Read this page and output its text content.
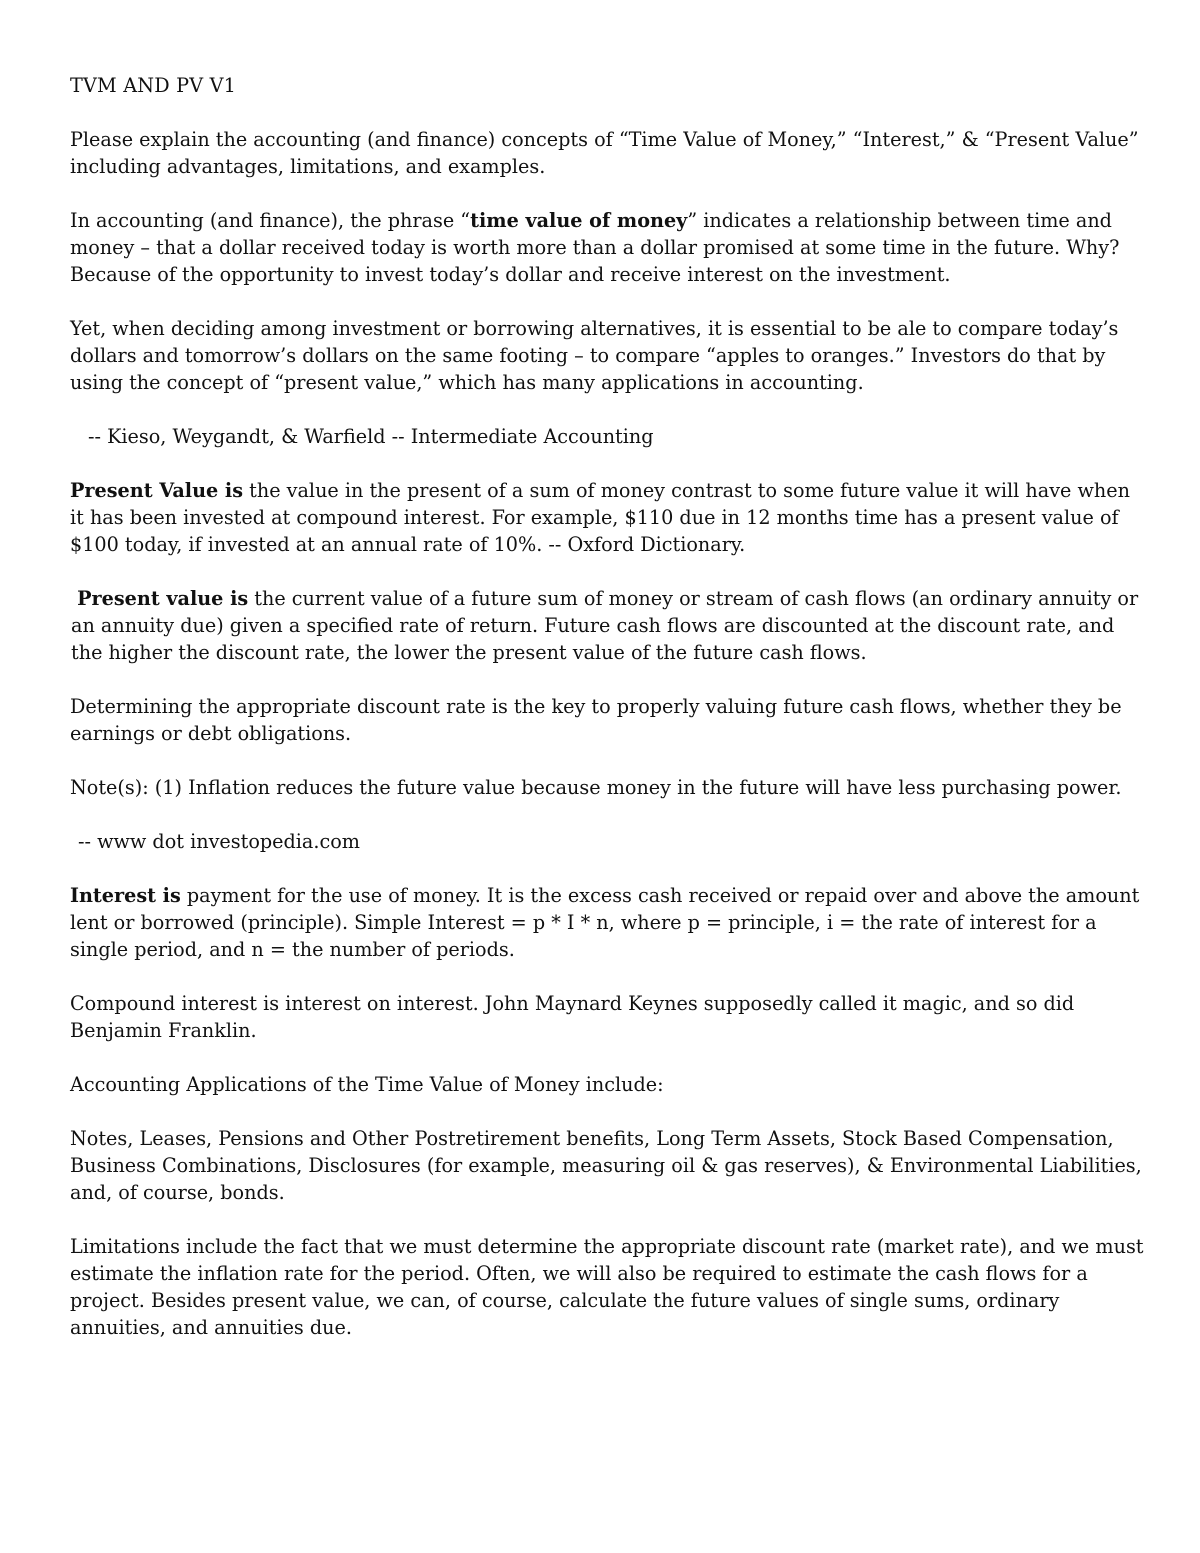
TVM AND PV V1

Please explain the accounting (and finance) concepts of “Time Value of Money,” “Interest,” & “Present Value” including advantages, limitations, and examples.

In accounting (and finance), the phrase “time value of money” indicates a relationship between time and money – that a dollar received today is worth more than a dollar promised at some time in the future. Why? Because of the opportunity to invest today’s dollar and receive interest on the investment.

Yet, when deciding among investment or borrowing alternatives, it is essential to be ale to compare today’s dollars and tomorrow’s dollars on the same footing – to compare “apples to oranges.” Investors do that by using the concept of “present value,” which has many applications in accounting.

-- Kieso, Weygandt, & Warfield -- Intermediate Accounting

Present Value is the value in the present of a sum of money contrast to some future value it will have when it has been invested at compound interest. For example, $110 due in 12 months time has a present value of $100 today, if invested at an annual rate of 10%. -- Oxford Dictionary.

Present value is the current value of a future sum of money or stream of cash flows (an ordinary annuity or an annuity due) given a specified rate of return. Future cash flows are discounted at the discount rate, and the higher the discount rate, the lower the present value of the future cash flows.

Determining the appropriate discount rate is the key to properly valuing future cash flows, whether they be earnings or debt obligations.

Note(s): (1) Inflation reduces the future value because money in the future will have less purchasing power.

-- www dot investopedia.com

Interest is payment for the use of money. It is the excess cash received or repaid over and above the amount lent or borrowed (principle). Simple Interest = p * I * n, where p = principle, i = the rate of interest for a single period, and n = the number of periods.

Compound interest is interest on interest. John Maynard Keynes supposedly called it magic, and so did Benjamin Franklin.

Accounting Applications of the Time Value of Money include:

Notes, Leases, Pensions and Other Postretirement benefits, Long Term Assets, Stock Based Compensation, Business Combinations, Disclosures (for example, measuring oil & gas reserves), & Environmental Liabilities, and, of course, bonds.

Limitations include the fact that we must determine the appropriate discount rate (market rate), and we must estimate the inflation rate for the period. Often, we will also be required to estimate the cash flows for a project. Besides present value, we can, of course, calculate the future values of single sums, ordinary annuities, and annuities due.
